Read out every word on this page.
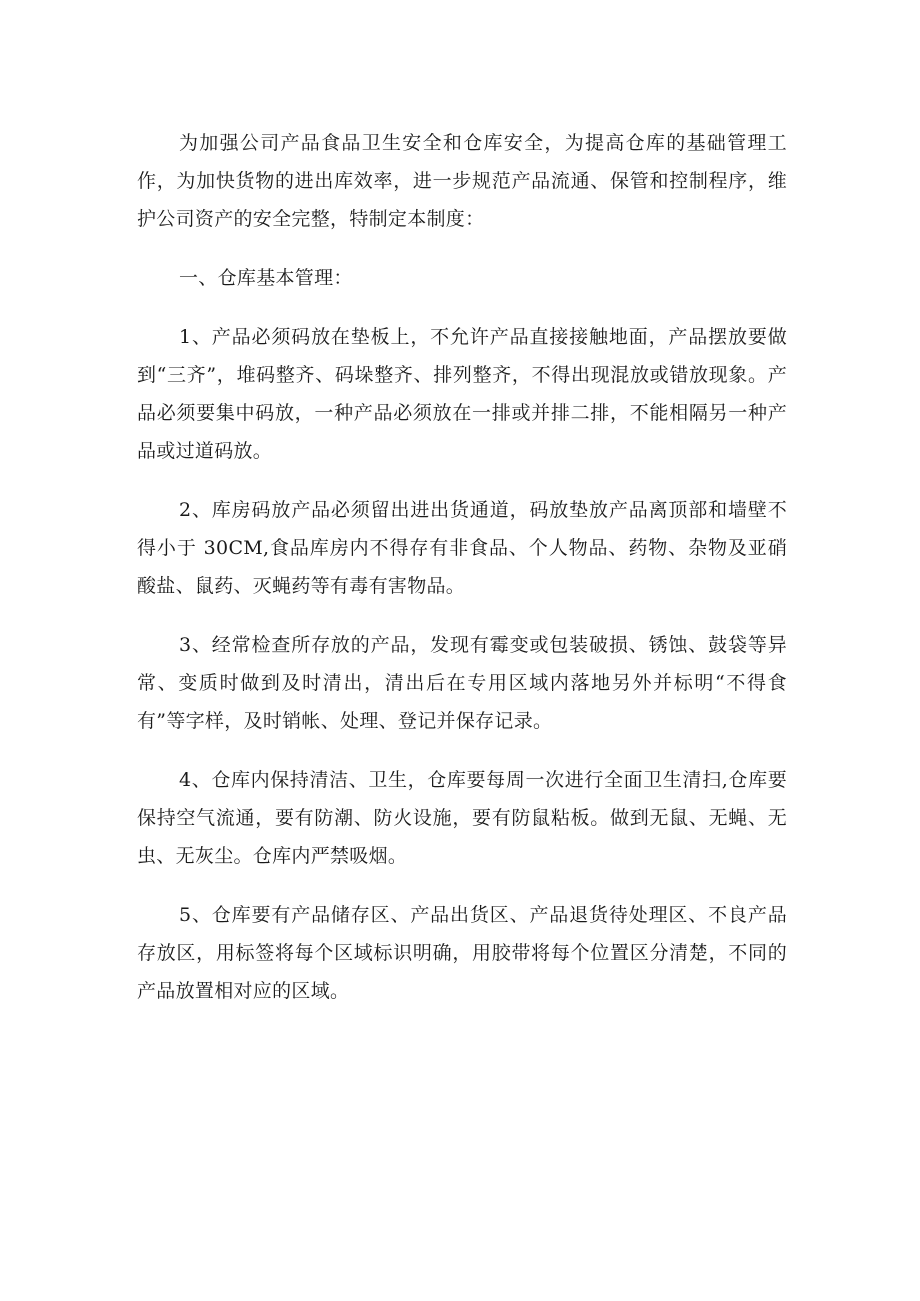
为加强公司产品食品卫生安全和仓库安全，为提高仓库的基础管理工作，为加快货物的进出库效率，进一步规范产品流通、保管和控制程序，维护公司资产的安全完整，特制定本制度：

一、仓库基本管理：

1、产品必须码放在垫板上，不允许产品直接接触地面，产品摆放要做到“三齐”，堆码整齐、码垛整齐、排列整齐，不得出现混放或错放现象。产品必须要集中码放，一种产品必须放在一排或并排二排，不能相隔另一种产品或过道码放。

2、库房码放产品必须留出进出货通道，码放垫放产品离顶部和墙壁不得小于 30CM,食品库房内不得存有非食品、个人物品、药物、杂物及亚硝酸盐、鼠药、灭蝇药等有毒有害物品。

3、经常检查所存放的产品，发现有霉变或包装破损、锈蚀、鼓袋等异常、变质时做到及时清出，清出后在专用区域内落地另外并标明“不得食有”等字样，及时销帐、处理、登记并保存记录。

4、仓库内保持清洁、卫生，仓库要每周一次进行全面卫生清扫,仓库要保持空气流通，要有防潮、防火设施，要有防鼠粘板。做到无鼠、无蝇、无虫、无灰尘。仓库内严禁吸烟。

5、仓库要有产品储存区、产品出货区、产品退货待处理区、不良产品存放区，用标签将每个区域标识明确，用胶带将每个位置区分清楚，不同的产品放置相对应的区域。
